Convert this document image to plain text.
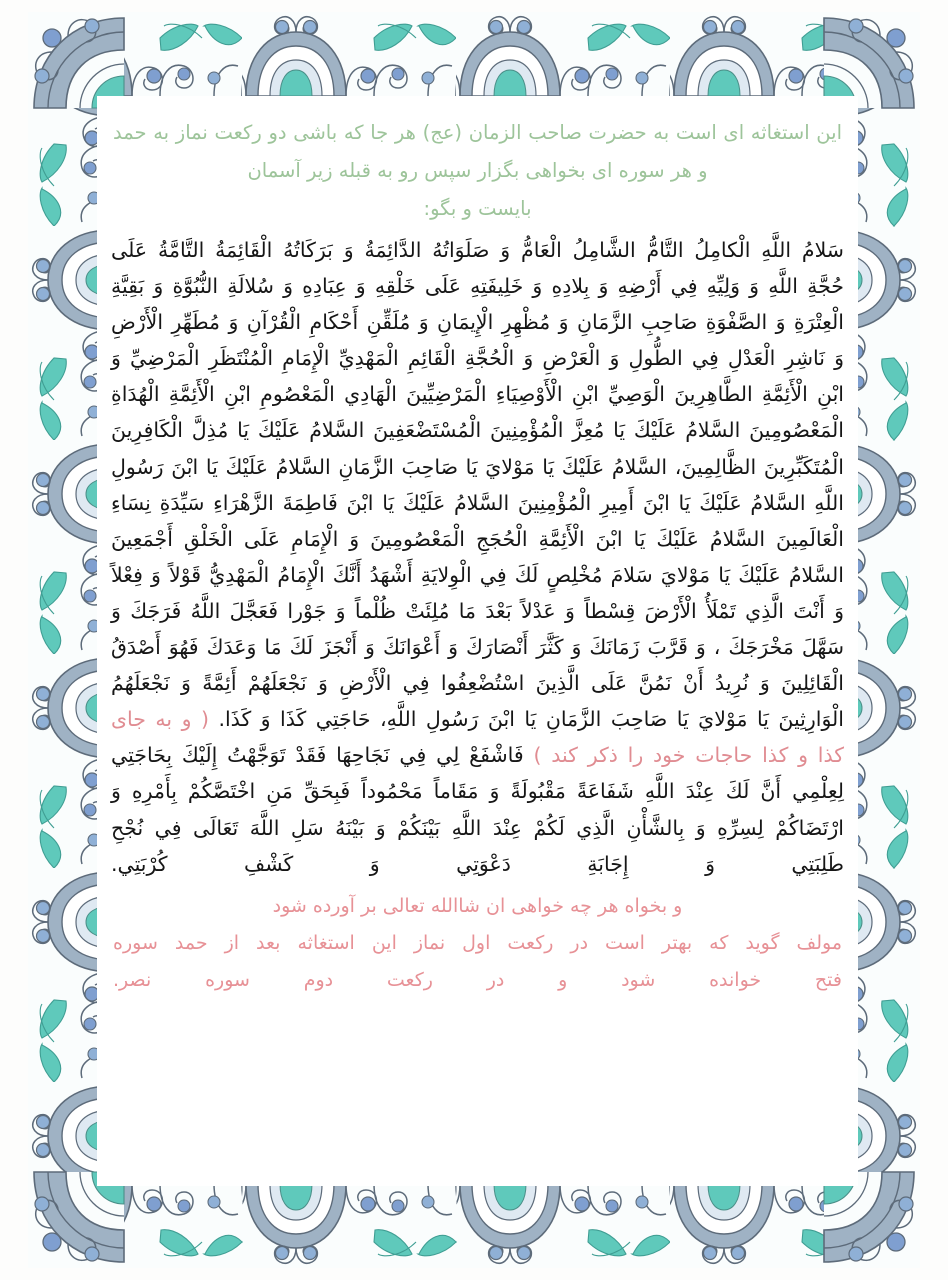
این استغاثه ای است به حضرت صاحب الزمان (عج) هر جا که باشی دو رکعت نماز به حمد و هر سوره ای بخواهی بگزار سپس رو به قبله زیر آسمان
بایست و بگو:
سَلامُ اللَّهِ الْكامِلُ التَّامُّ الشَّامِلُ الْعَامُّ وَ صَلَوَاتُهُ الدَّائِمَةُ وَ بَرَكَاتُهُ الْقَائِمَةُ التَّامَّةُ عَلَى حُجَّةِ اللَّهِ وَ وَلِيِّهِ فِي أَرْضِهِ وَ بِلادِهِ وَ خَلِيفَتِهِ عَلَى خَلْقِهِ وَ عِبَادِهِ وَ سُلالَةِ النُّبُوَّةِ وَ بَقِيَّةِ الْعِتْرَةِ وَ الصَّفْوَةِ صَاحِبِ الزَّمَانِ وَ مُظْهِرِ الْإِيمَانِ وَ مُلَقِّنِ أَحْكَامِ الْقُرْآنِ وَ مُطَهِّرِ الْأَرْضِ وَ نَاشِرِ الْعَدْلِ فِي الطُّولِ وَ الْعَرْضِ وَ الْحُجَّةِ الْقَائِمِ الْمَهْدِيِّ الْإِمَامِ الْمُنْتَظَرِ الْمَرْضِيِّ وَ ابْنِ الْأَئِمَّةِ الطَّاهِرِينَ الْوَصِيِّ ابْنِ الْأَوْصِيَاءِ الْمَرْضِيِّينَ الْهَادِي الْمَعْصُومِ ابْنِ الْأَئِمَّةِ الْهُدَاةِ الْمَعْصُومِينَ السَّلامُ عَلَيْكَ يَا مُعِزَّ الْمُؤْمِنِينَ الْمُسْتَضْعَفِينَ السَّلامُ عَلَيْكَ يَا مُذِلَّ الْكَافِرِينَ الْمُتَكَبِّرِينَ الظَّالِمِينَ، السَّلامُ عَلَيْكَ يَا مَوْلايَ يَا صَاحِبَ الزَّمَانِ السَّلامُ عَلَيْكَ يَا ابْنَ رَسُولِ اللَّهِ السَّلامُ عَلَيْكَ يَا ابْنَ أَمِيرِ الْمُؤْمِنِينَ السَّلامُ عَلَيْكَ يَا ابْنَ فَاطِمَةَ الزَّهْرَاءِ سَيِّدَةِ نِسَاءِ الْعَالَمِينَ السَّلامُ عَلَيْكَ يَا ابْنَ الْأَئِمَّةِ الْحُجَجِ الْمَعْصُومِينَ وَ الْإِمَامِ عَلَى الْخَلْقِ أَجْمَعِينَ السَّلامُ عَلَيْكَ يَا مَوْلايَ سَلامَ مُخْلِصٍ لَكَ فِي الْوِلايَةِ أَشْهَدُ أَنَّكَ الْإِمَامُ الْمَهْدِيُّ قَوْلاً وَ فِعْلاً وَ أَنْتَ الَّذِي تَمْلَأُ الْأَرْضَ قِسْطاً وَ عَدْلاً بَعْدَ مَا مُلِئَتْ ظُلْماً وَ جَوْرا فَعَجَّلَ اللَّهُ فَرَجَكَ وَ سَهَّلَ مَخْرَجَكَ ، وَ قَرَّبَ زَمَانَكَ وَ كَثَّرَ أَنْصَارَكَ وَ أَعْوَانَكَ وَ أَنْجَزَ لَكَ مَا وَعَدَكَ فَهُوَ أَصْدَقُ الْقَائِلِينَ وَ نُرِيدُ أَنْ نَمُنَّ عَلَى الَّذِينَ اسْتُضْعِفُوا فِي الْأَرْضِ وَ نَجْعَلَهُمْ أَئِمَّةً وَ نَجْعَلَهُمُ الْوَارِثِينَ يَا مَوْلايَ يَا صَاحِبَ الزَّمَانِ يَا ابْنَ رَسُولِ اللَّهِ، حَاجَتِي كَذَا وَ كَذَا. ( و به جای کذا و کذا حاجات خود را ذکر کند ) فَاشْفَعْ لِي فِي نَجَاحِهَا فَقَدْ تَوَجَّهْتُ إِلَيْكَ بِحَاجَتِي لِعِلْمِي أَنَّ لَكَ عِنْدَ اللَّهِ شَفَاعَةً مَقْبُولَةً وَ مَقَاماً مَحْمُوداً فَبِحَقِّ مَنِ اخْتَصَّكُمْ بِأَمْرِهِ وَ ارْتَضَاكُمْ لِسِرِّهِ وَ بِالشَّأْنِ الَّذِي لَكُمْ عِنْدَ اللَّهِ بَيْنَكُمْ وَ بَيْنَهُ سَلِ اللَّهَ تَعَالَى فِي نُجْحِ طَلِبَتِي وَ إِجَابَةِ دَعْوَتِي وَ كَشْفِ كُرْبَتِي.
و بخواه هر چه خواهی ان شاالله تعالی بر آورده شود
مولف گوید که بهتر است در رکعت اول نماز این استغاثه بعد از حمد سوره
فتح خوانده شود و در رکعت دوم سوره نصر.
